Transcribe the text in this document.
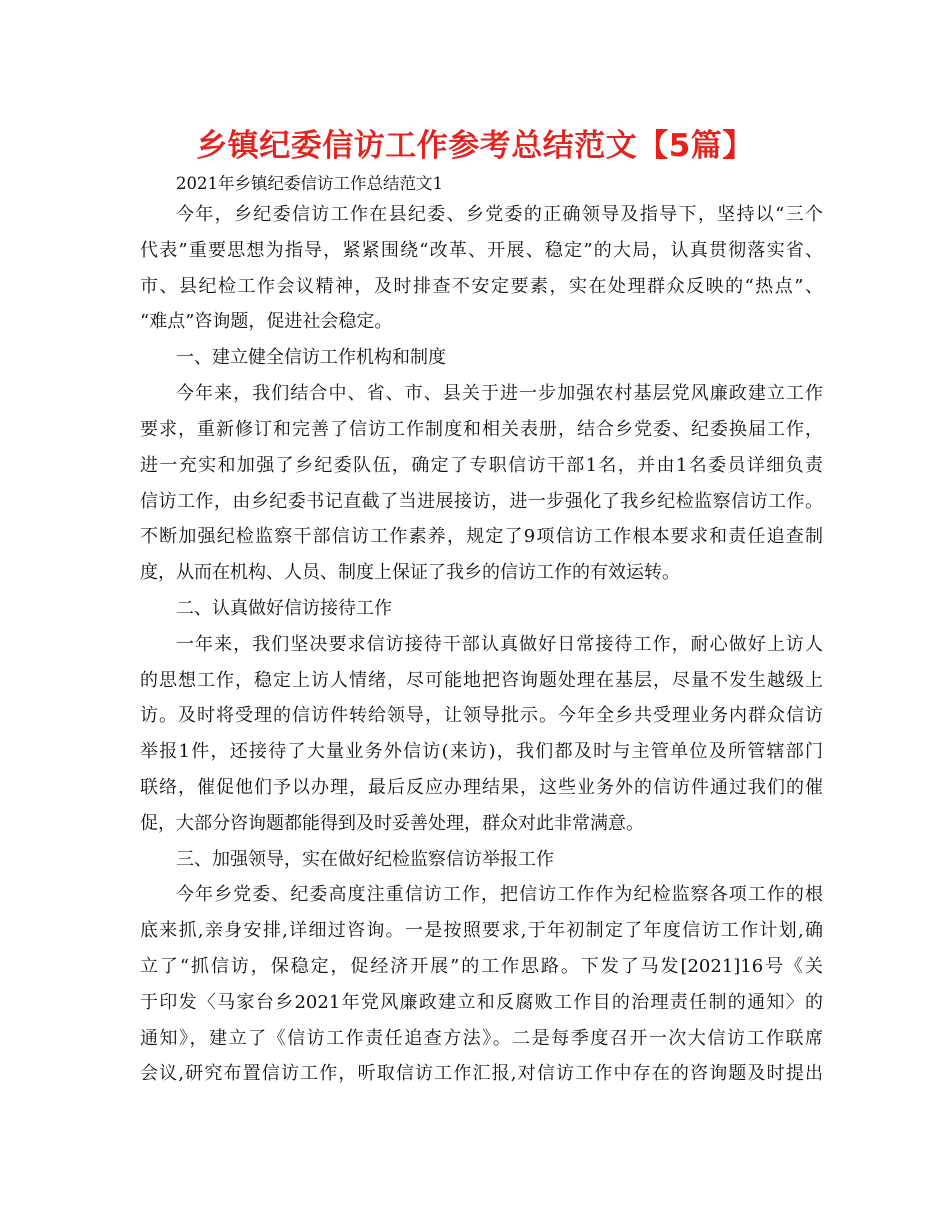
乡镇纪委信访工作参考总结范文【5篇】
2021年乡镇纪委信访工作总结范文1
今年，乡纪委信访工作在县纪委、乡党委的正确领导及指导下，坚持以“三个
代表”重要思想为指导，紧紧围绕“改革、开展、稳定”的大局，认真贯彻落实省、
市、县纪检工作会议精神，及时排查不安定要素，实在处理群众反映的“热点”、
“难点”咨询题，促进社会稳定。
一、建立健全信访工作机构和制度
今年来，我们结合中、省、市、县关于进一步加强农村基层党风廉政建立工作
要求，重新修订和完善了信访工作制度和相关表册，结合乡党委、纪委换届工作，
进一充实和加强了乡纪委队伍，确定了专职信访干部1名，并由1名委员详细负责
信访工作，由乡纪委书记直截了当进展接访，进一步强化了我乡纪检监察信访工作。
不断加强纪检监察干部信访工作素养，规定了9项信访工作根本要求和责任追查制
度，从而在机构、人员、制度上保证了我乡的信访工作的有效运转。
二、认真做好信访接待工作
一年来，我们坚决要求信访接待干部认真做好日常接待工作，耐心做好上访人
的思想工作，稳定上访人情绪，尽可能地把咨询题处理在基层，尽量不发生越级上
访。及时将受理的信访件转给领导，让领导批示。今年全乡共受理业务内群众信访
举报1件，还接待了大量业务外信访(来访)，我们都及时与主管单位及所管辖部门
联络，催促他们予以办理，最后反应办理结果，这些业务外的信访件通过我们的催
促，大部分咨询题都能得到及时妥善处理，群众对此非常满意。
三、加强领导，实在做好纪检监察信访举报工作
今年乡党委、纪委高度注重信访工作，把信访工作作为纪检监察各项工作的根
底来抓,亲身安排,详细过咨询。一是按照要求,于年初制定了年度信访工作计划,确
立了“抓信访，保稳定，促经济开展”的工作思路。下发了马发[2021]16号《关
于印发〈马家台乡2021年党风廉政建立和反腐败工作目的治理责任制的通知〉的
通知》，建立了《信访工作责任追查方法》。二是每季度召开一次大信访工作联席
会议,研究布置信访工作，听取信访工作汇报,对信访工作中存在的咨询题及时提出
